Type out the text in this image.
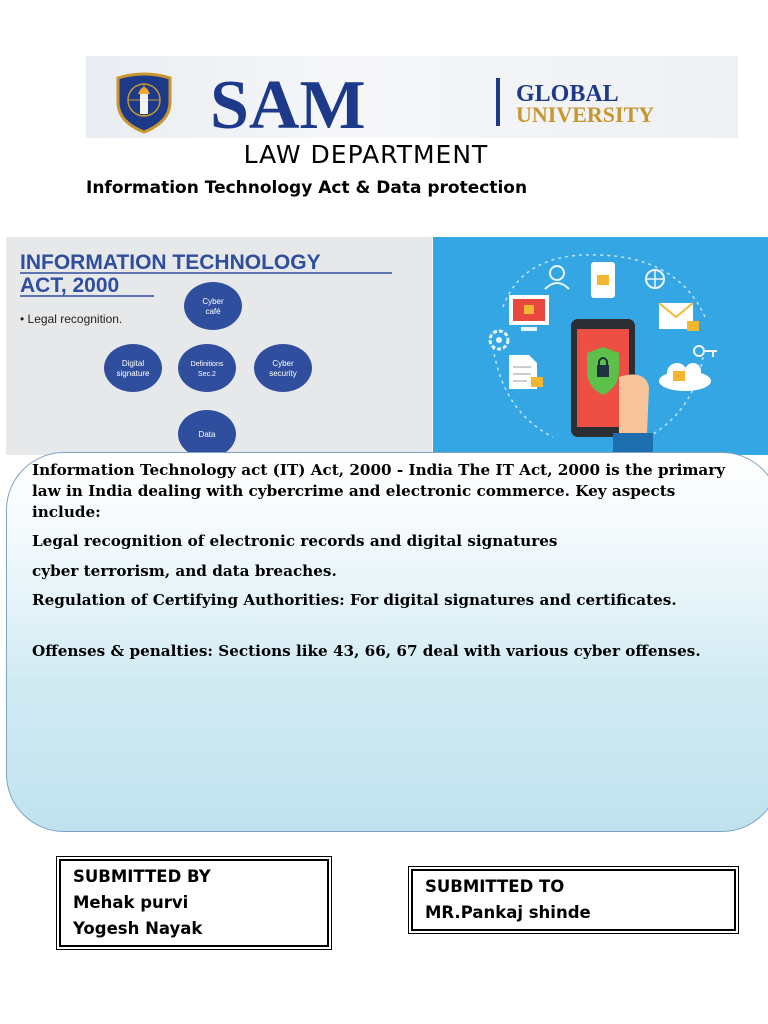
SAM	GLOBAL
UNIVERSITY
LAW DEPARTMENT
Information Technology Act & Data protection
INFORMATION TECHNOLOGY
ACT, 2000
• Legal recognition.
Cyber
café
Digital
signature
Definitions
Sec.2
Cyber
security
Data

Information Technology act (IT) Act, 2000 - India The IT Act, 2000 is the primary law in India dealing with cybercrime and electronic commerce. Key aspects include:

Legal recognition of electronic records and digital signatures

cyber terrorism, and data breaches.

Regulation of Certifying Authorities: For digital signatures and certificates.

Offenses & penalties: Sections like 43, 66, 67 deal with various cyber offenses.

SUBMITTED BY
Mehak purvi
Yogesh Nayak
SUBMITTED TO
MR.Pankaj shinde
